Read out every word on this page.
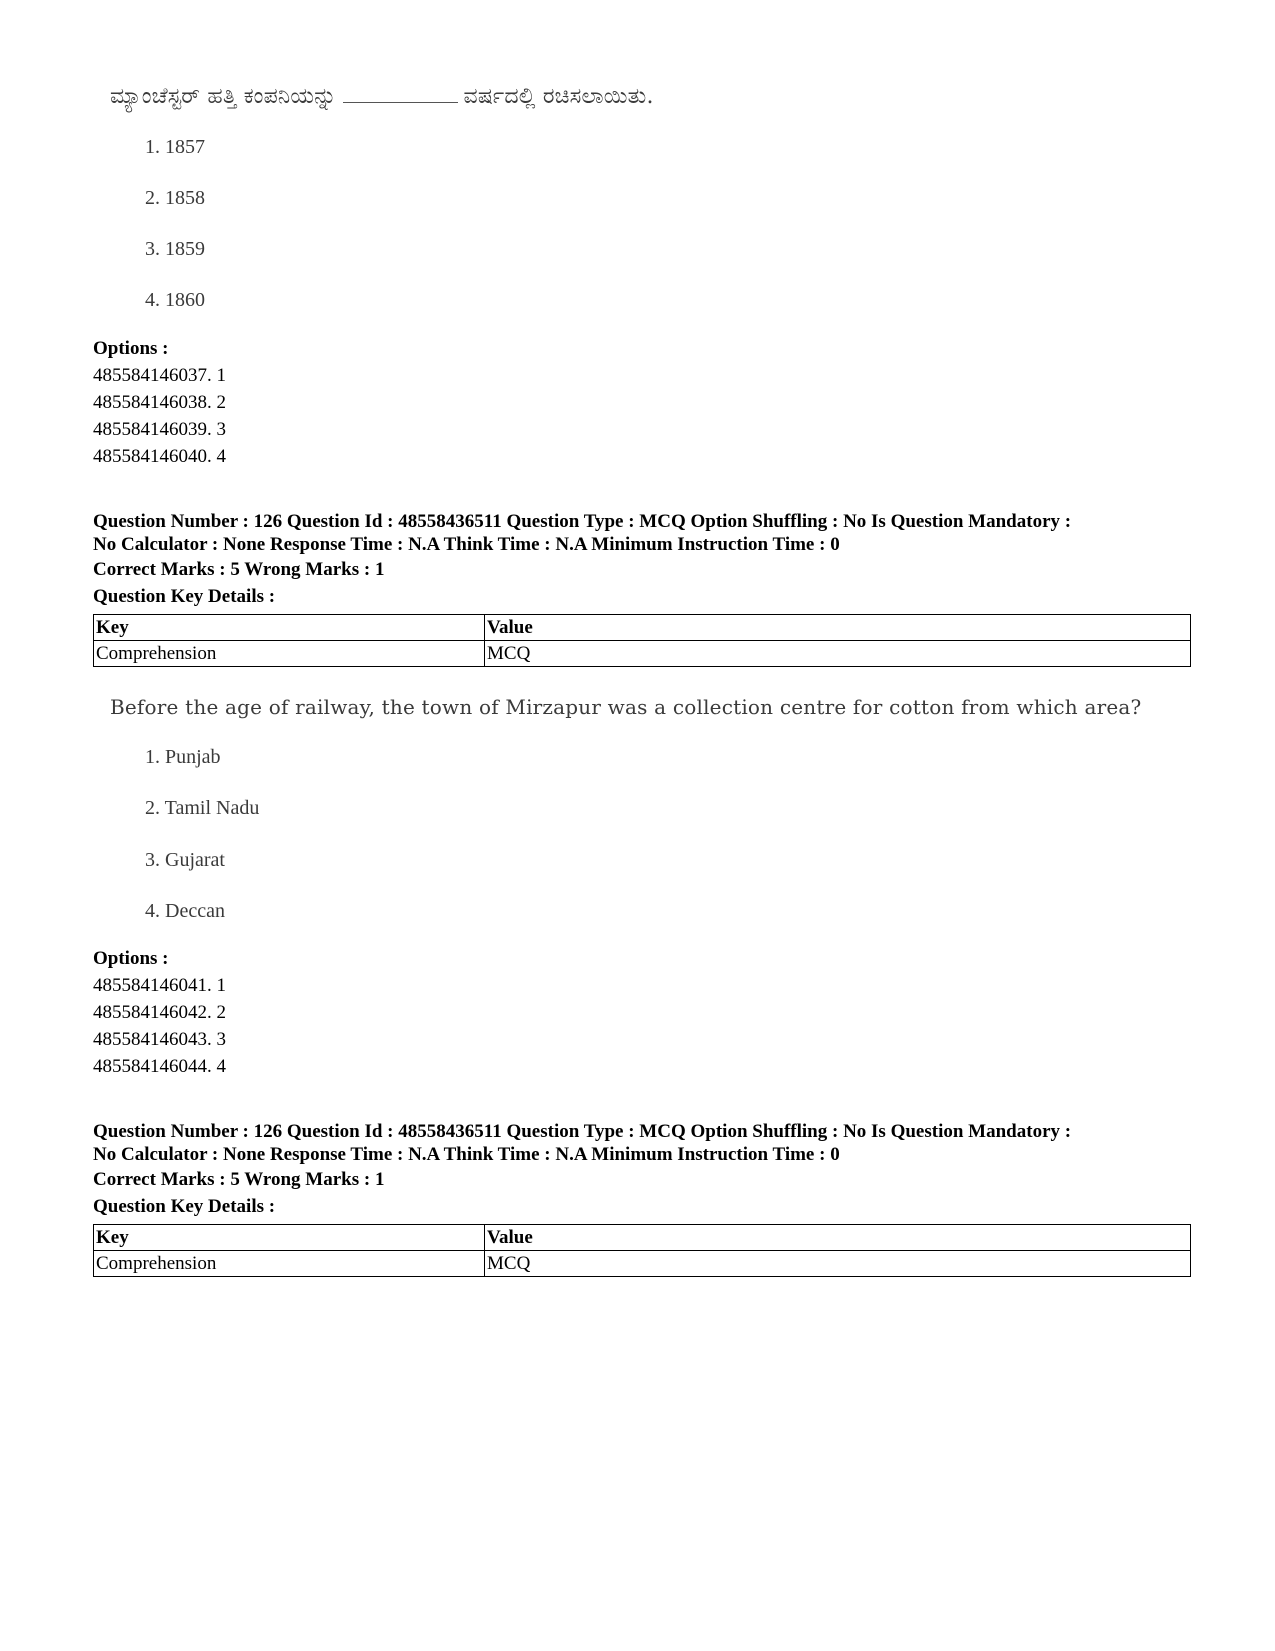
ಮ್ಯಾಂಚೆಸ್ಟರ್ ಹತ್ತಿ ಕಂಪನಿಯನ್ನು	ವರ್ಷದಲ್ಲಿ ರಚಿಸಲಾಯಿತು.
1. 1857
2. 1858
3. 1859
4. 1860
Options :
485584146037. 1
485584146038. 2
485584146039. 3
485584146040. 4
Question Number : 126 Question Id : 48558436511 Question Type : MCQ Option Shuffling : No Is Question Mandatory :
No Calculator : None Response Time : N.A Think Time : N.A Minimum Instruction Time : 0
Correct Marks : 5 Wrong Marks : 1
Question Key Details :
Key	Value
Comprehension	MCQ
Before the age of railway, the town of Mirzapur was a collection centre for cotton from which area?
1. Punjab
2. Tamil Nadu
3. Gujarat
4. Deccan
Options :
485584146041. 1
485584146042. 2
485584146043. 3
485584146044. 4
Question Number : 126 Question Id : 48558436511 Question Type : MCQ Option Shuffling : No Is Question Mandatory :
No Calculator : None Response Time : N.A Think Time : N.A Minimum Instruction Time : 0
Correct Marks : 5 Wrong Marks : 1
Question Key Details :
Key	Value
Comprehension	MCQ
